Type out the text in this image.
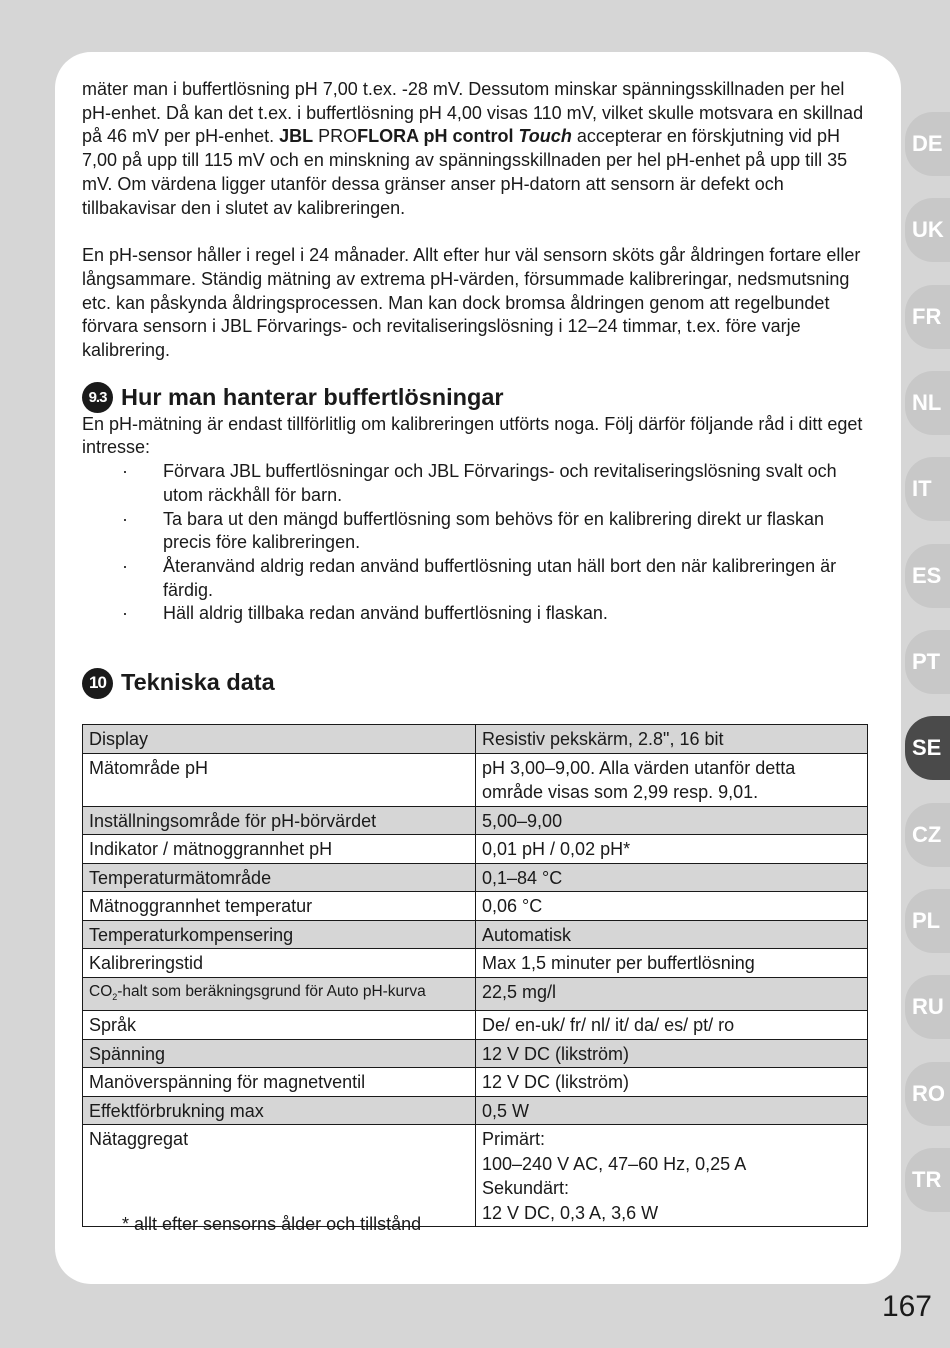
mäter man i buffertlösning pH 7,00 t.ex. -28 mV. Dessutom minskar spänningsskillnaden per hel pH-enhet. Då kan det t.ex. i buffertlösning pH 4,00 visas 110 mV, vilket skulle motsvara en skillnad på 46 mV per pH-enhet. JBL PROFLORA pH control Touch accepterar en förskjutning vid pH 7,00 på upp till 115 mV och en minskning av spänningsskillnaden per hel pH-enhet på upp till 35 mV. Om värdena ligger utanför dessa gränser anser pH-datorn att sensorn är defekt och tillbakavisar den i slutet av kalibreringen.

En pH-sensor håller i regel i 24 månader. Allt efter hur väl sensorn sköts går åldringen fortare eller långsammare. Ständig mätning av extrema pH-värden, försummade kalibreringar, nedsmutsning etc. kan påskynda åldringsprocessen. Man kan dock bromsa åldringen genom att regelbundet förvara sensorn i JBL Förvarings- och revitaliseringslösning i 12–24 timmar, t.ex. före varje kalibrering.

9.3 Hur man hanterar buffertlösningar

En pH-mätning är endast tillförlitlig om kalibreringen utförts noga. Följ därför följande råd i ditt eget intresse:

· Förvara JBL buffertlösningar och JBL Förvarings- och revitaliseringslösning svalt och utom räckhåll för barn.
· Ta bara ut den mängd buffertlösning som behövs för en kalibrering direkt ur flaskan precis före kalibreringen.
· Återanvänd aldrig redan använd buffertlösning utan häll bort den när kalibreringen är färdig.
· Häll aldrig tillbaka redan använd buffertlösning i flaskan.
10 Tekniska data
Display	Resistiv pekskärm, 2.8", 16 bit
Mätområde pH	pH 3,00–9,00. Alla värden utanför detta område visas som 2,99 resp. 9,01.
Inställningsområde för pH-börvärdet	5,00–9,00
Indikator / mätnoggrannhet pH	0,01 pH / 0,02 pH*
Temperaturmätområde	0,1–84 °C
Mätnoggrannhet temperatur	0,06 °C
Temperaturkompensering	Automatisk
Kalibreringstid	Max 1,5 minuter per buffertlösning
$CO_2$-halt som beräkningsgrund för Auto pH-kurva	22,5 mg/l
Språk	De/ en-uk/ fr/ nl/ it/ da/ es/ pt/ ro
Spänning	12 V DC (likström)
Manöverspänning för magnetventil	12 V DC (likström)
Effektförbrukning max	0,5 W
Nätaggregat	Primärt:
100–240 V AC, 47–60 Hz, 0,25 A
Sekundärt:
12 V DC, 0,3 A, 3,6 W
* allt efter sensorns ålder och tillstånd
DE
UK
FR
NL
IT
ES
PT
SE
CZ
PL
RU
RO
TR
167
